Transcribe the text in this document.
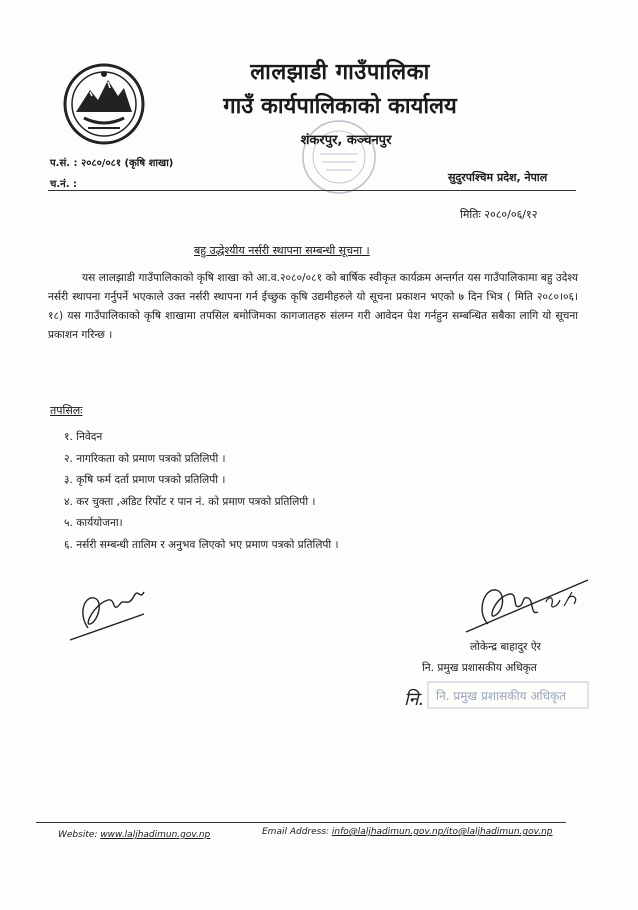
लालझाडी गाउँपालिका
गाउँ कार्यपालिकाको कार्यालय
शंकरपुर, कञ्चनपुर
प.सं. : २०८०/०८१ (कृषि शाखा)
च.नं. :
सुदुरपश्चिम प्रदेश, नेपाल
मितिः २०८०/०६/१२
बहु उद्धेश्यीय नर्सरी स्थापना सम्बन्धी सूचना ।
यस लालझाडी गाउँपालिकाको कृषि शाखा को आ.व.२०८०/०८१ को बार्षिक स्वीकृत कार्यक्रम अन्तर्गत यस गाउँपालिकामा बहु उदेश्य नर्सरी स्थापना गर्नुपर्ने भएकाले उक्त नर्सरी स्थापना गर्न ईच्छुक कृषि उद्यमीहरुले यो सूचना प्रकाशन भएको ७ दिन भित्र ( मिति २०८०।०६।१८) यस गाउँपालिकाको कृषि शाखामा तपसिल बमोजिमका कागजातहरु संलग्न गरी आवेदन पेश गर्नहुन सम्बन्धित सबैका लागि यो सूचना प्रकाशन गरिन्छ ।
तपसिलः
१. निवेदन
२. नागरिकता को प्रमाण पत्रको प्रतिलिपी ।
३. कृषि फर्म दर्ता प्रमाण पत्रको प्रतिलिपी ।
४. कर चुक्ता ,अडिट रिर्पोट र पान नं. को प्रमाण पत्रको प्रतिलिपी ।
५. कार्ययोजना।
६. नर्सरी सम्बन्धी तालिम र अनुभव लिएको भए प्रमाण पत्रको प्रतिलिपी ।
लोकेन्द्र बाहादुर ऐर
नि. प्रमुख प्रशासकीय अधिकृत
नि. नि. प्रमुख प्रशासकीय अधिकृत
Website: www.laljhadimun.gov.np	Email Address: info@laljhadimun.gov.np/ito@laljhadimun.gov.np
